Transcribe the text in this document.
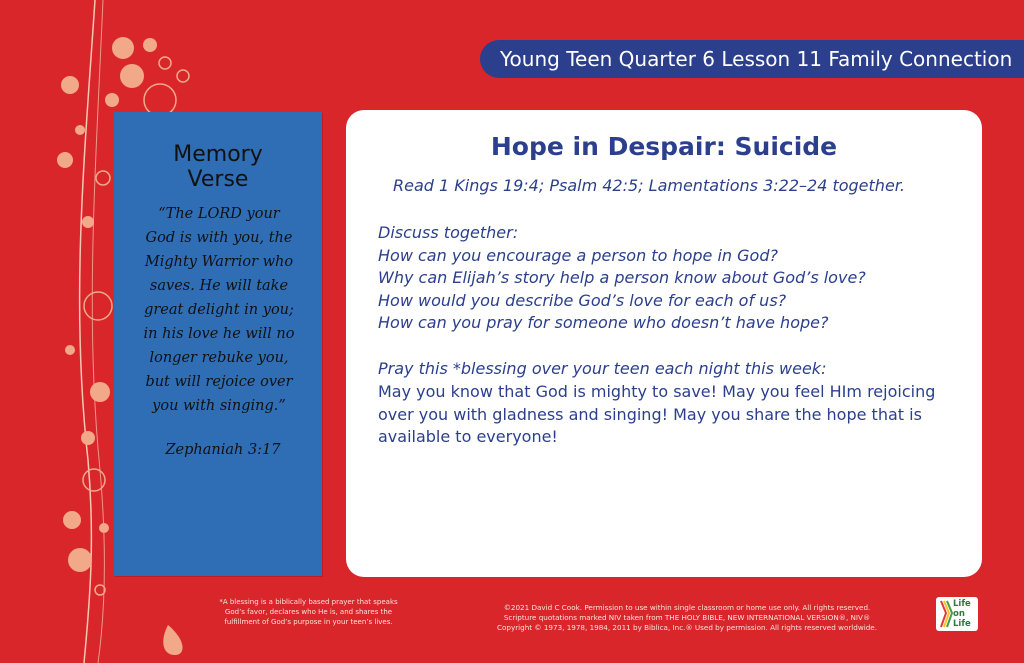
Young Teen Quarter 6 Lesson 11 Family Connection
Memory
Verse
“The LORD your
God is with you, the
Mighty Warrior who
saves. He will take
great delight in you;
in his love he will no
longer rebuke you,
but will rejoice over
you with singing.”
Zephaniah 3:17
Hope in Despair: Suicide
Read 1 Kings 19:4; Psalm 42:5; Lamentations 3:22–24 together.
Discuss together:
How can you encourage a person to hope in God?
Why can Elijah’s story help a person know about God’s love?
How would you describe God’s love for each of us?
How can you pray for someone who doesn’t have hope?
Pray this *blessing over your teen each night this week:
May you know that God is mighty to save! May you feel HIm rejoicing over you with gladness and singing! May you share the hope that is available to everyone!
*A blessing is a biblically based prayer that speaks
God’s favor, declares who He is, and shares the
fulfillment of God’s purpose in your teen’s lives.
©2021 David C Cook. Permission to use within single classroom or home use only. All rights reserved.
Scripture quotations marked NIV taken from THE HOLY BIBLE, NEW INTERNATIONAL VERSION®, NIV®
Copyright © 1973, 1978, 1984, 2011 by Biblica, Inc.® Used by permission. All rights reserved worldwide.
Life
on
Life
